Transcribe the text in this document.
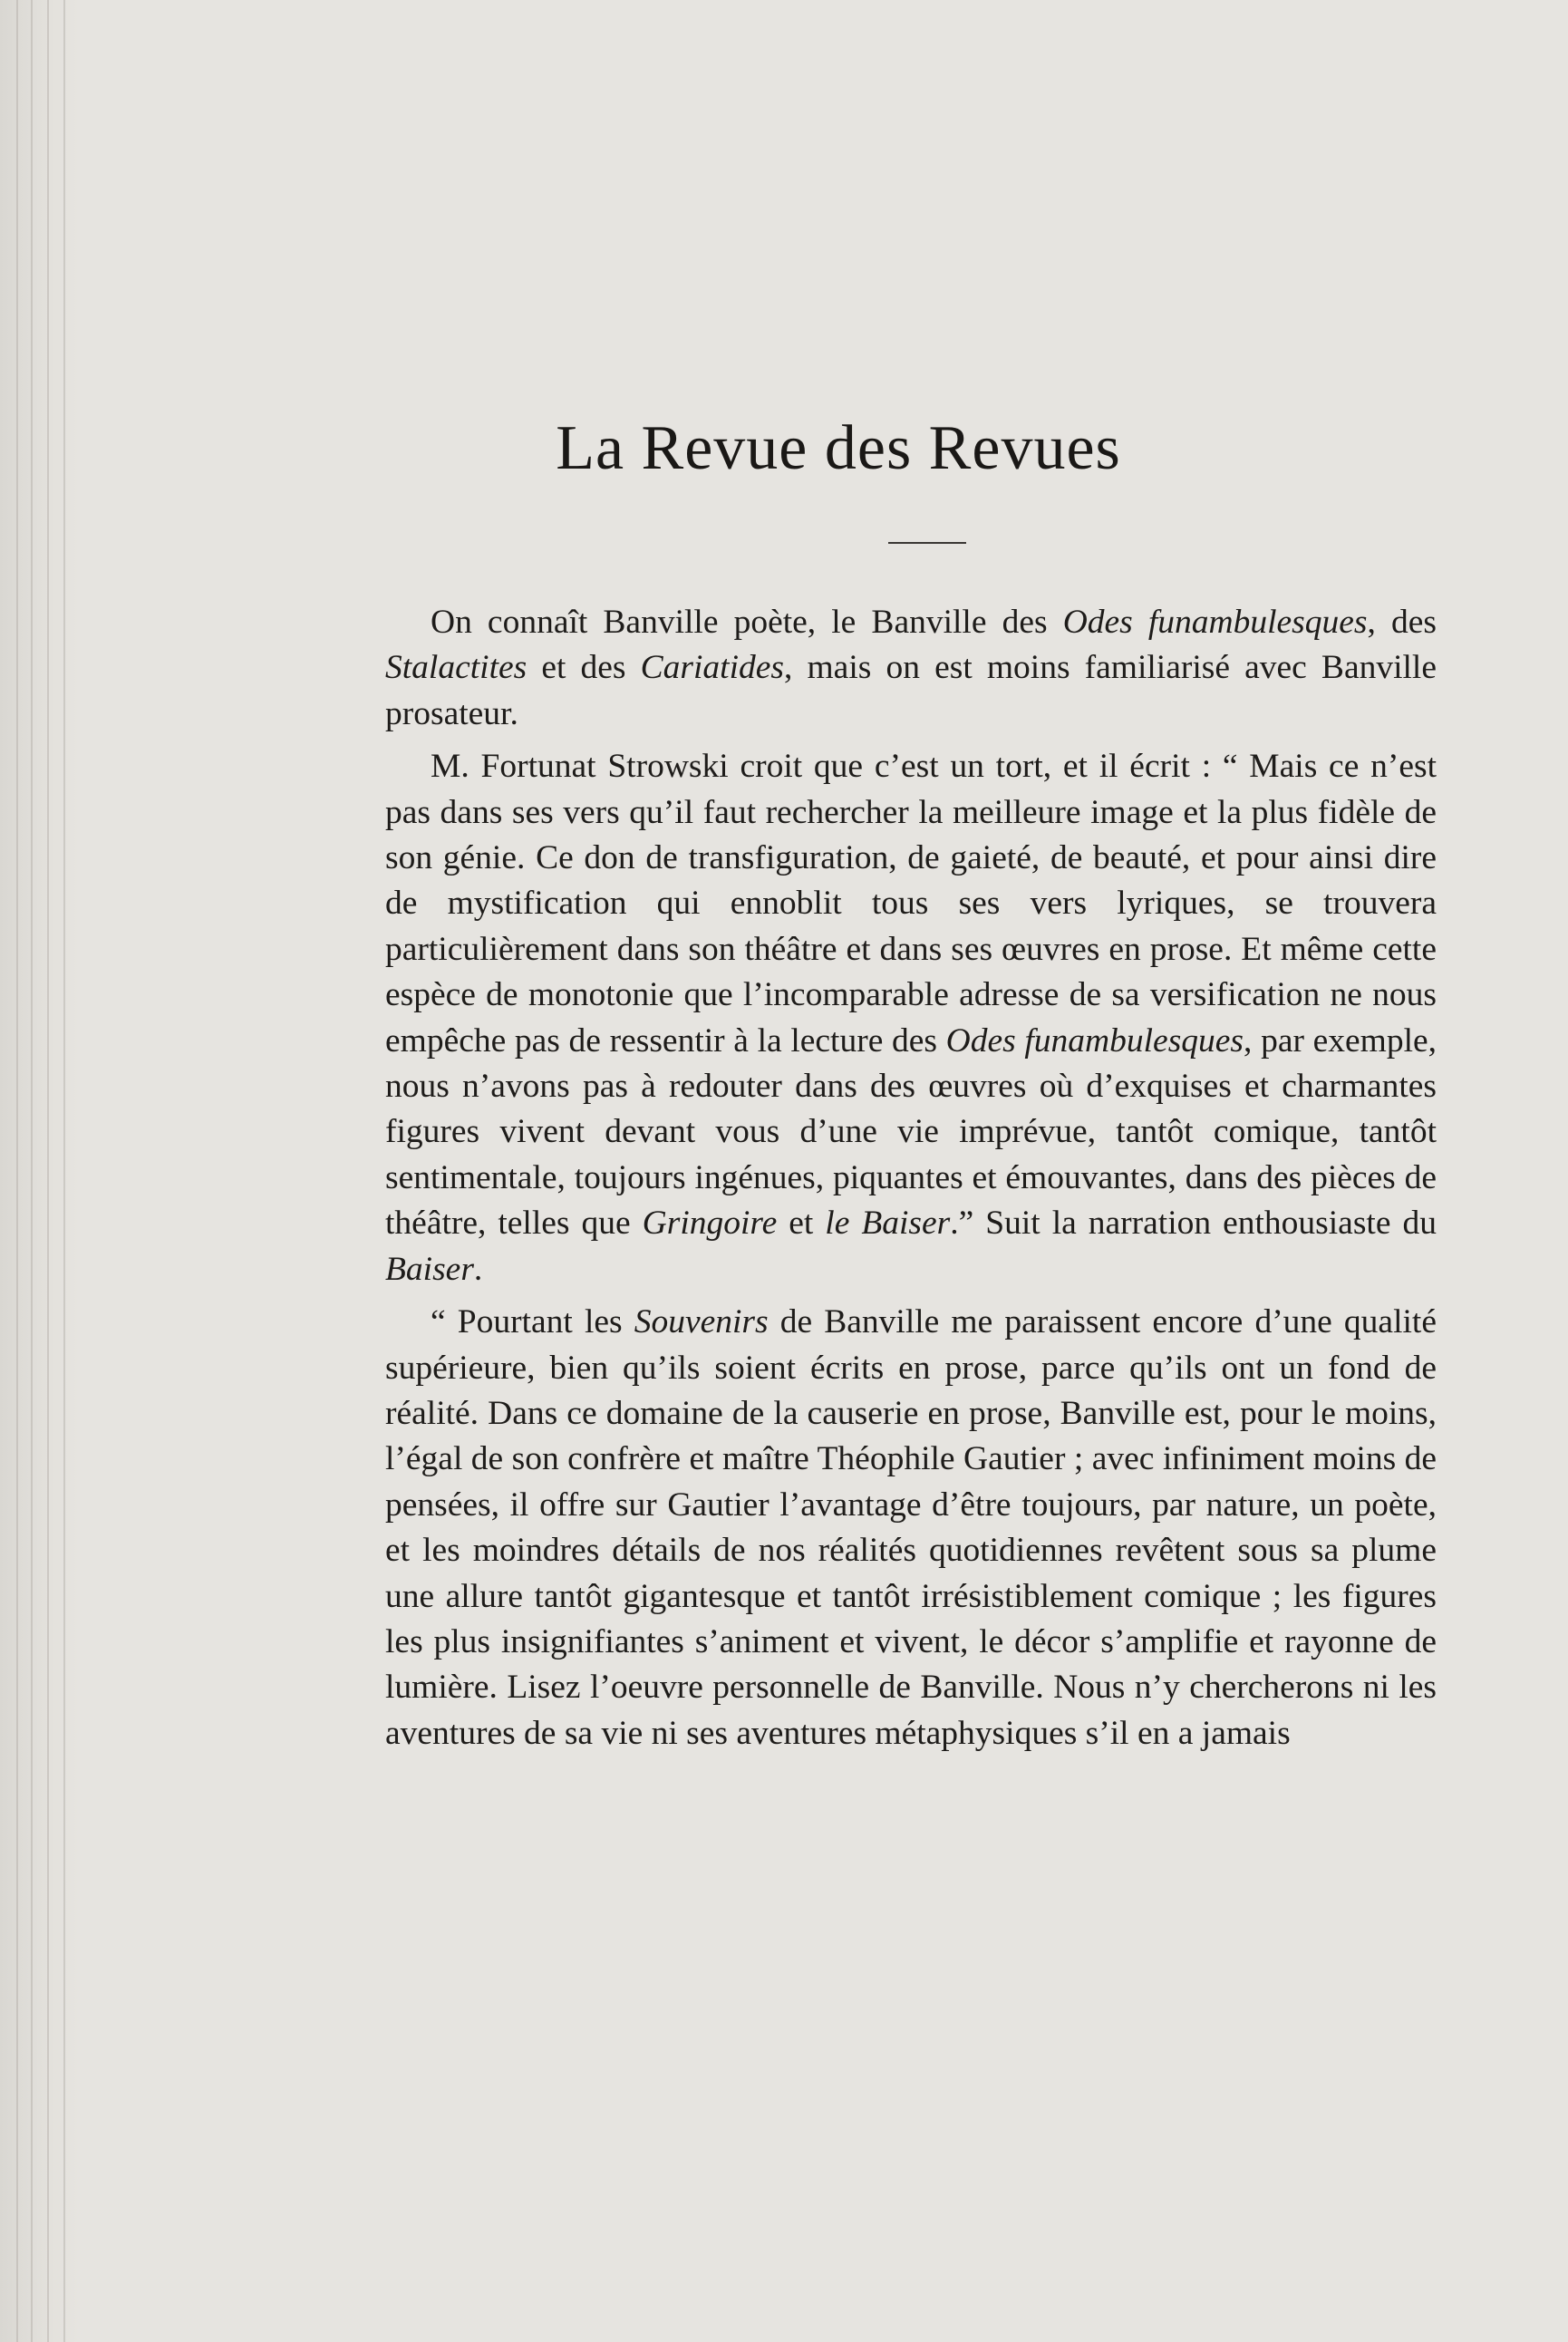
La Revue des Revues

On connaît Banville poète, le Banville des Odes funambulesques, des Stalactites et des Cariatides, mais on est moins familiarisé avec Banville prosateur.

M. Fortunat Strowski croit que c’est un tort, et il écrit : “ Mais ce n’est pas dans ses vers qu’il faut rechercher la meilleure image et la plus fidèle de son génie. Ce don de transfiguration, de gaieté, de beauté, et pour ainsi dire de mystification qui ennoblit tous ses vers lyriques, se trouvera particulièrement dans son théâtre et dans ses œuvres en prose. Et même cette espèce de monotonie que l’incomparable adresse de sa versification ne nous empêche pas de ressentir à la lecture des Odes funambulesques, par exemple, nous n’avons pas à redouter dans des œuvres où d’exquises et charmantes figures vivent devant vous d’une vie imprévue, tantôt comique, tantôt sentimentale, toujours ingénues, piquantes et émouvantes, dans des pièces de théâtre, telles que Gringoire et le Baiser.” Suit la narration enthousiaste du Baiser.

“ Pourtant les Souvenirs de Banville me paraissent encore d’une qualité supérieure, bien qu’ils soient écrits en prose, parce qu’ils ont un fond de réalité. Dans ce domaine de la causerie en prose, Banville est, pour le moins, l’égal de son confrère et maître Théophile Gautier ; avec infiniment moins de pensées, il offre sur Gautier l’avantage d’être toujours, par nature, un poète, et les moindres détails de nos réalités quotidiennes revêtent sous sa plume une allure tantôt gigantesque et tantôt irrésistiblement comique ; les figures les plus insignifiantes s’animent et vivent, le décor s’amplifie et rayonne de lumière. Lisez l’oeuvre personnelle de Banville. Nous n’y chercherons ni les aventures de sa vie ni ses aventures métaphysiques s’il en a jamais
